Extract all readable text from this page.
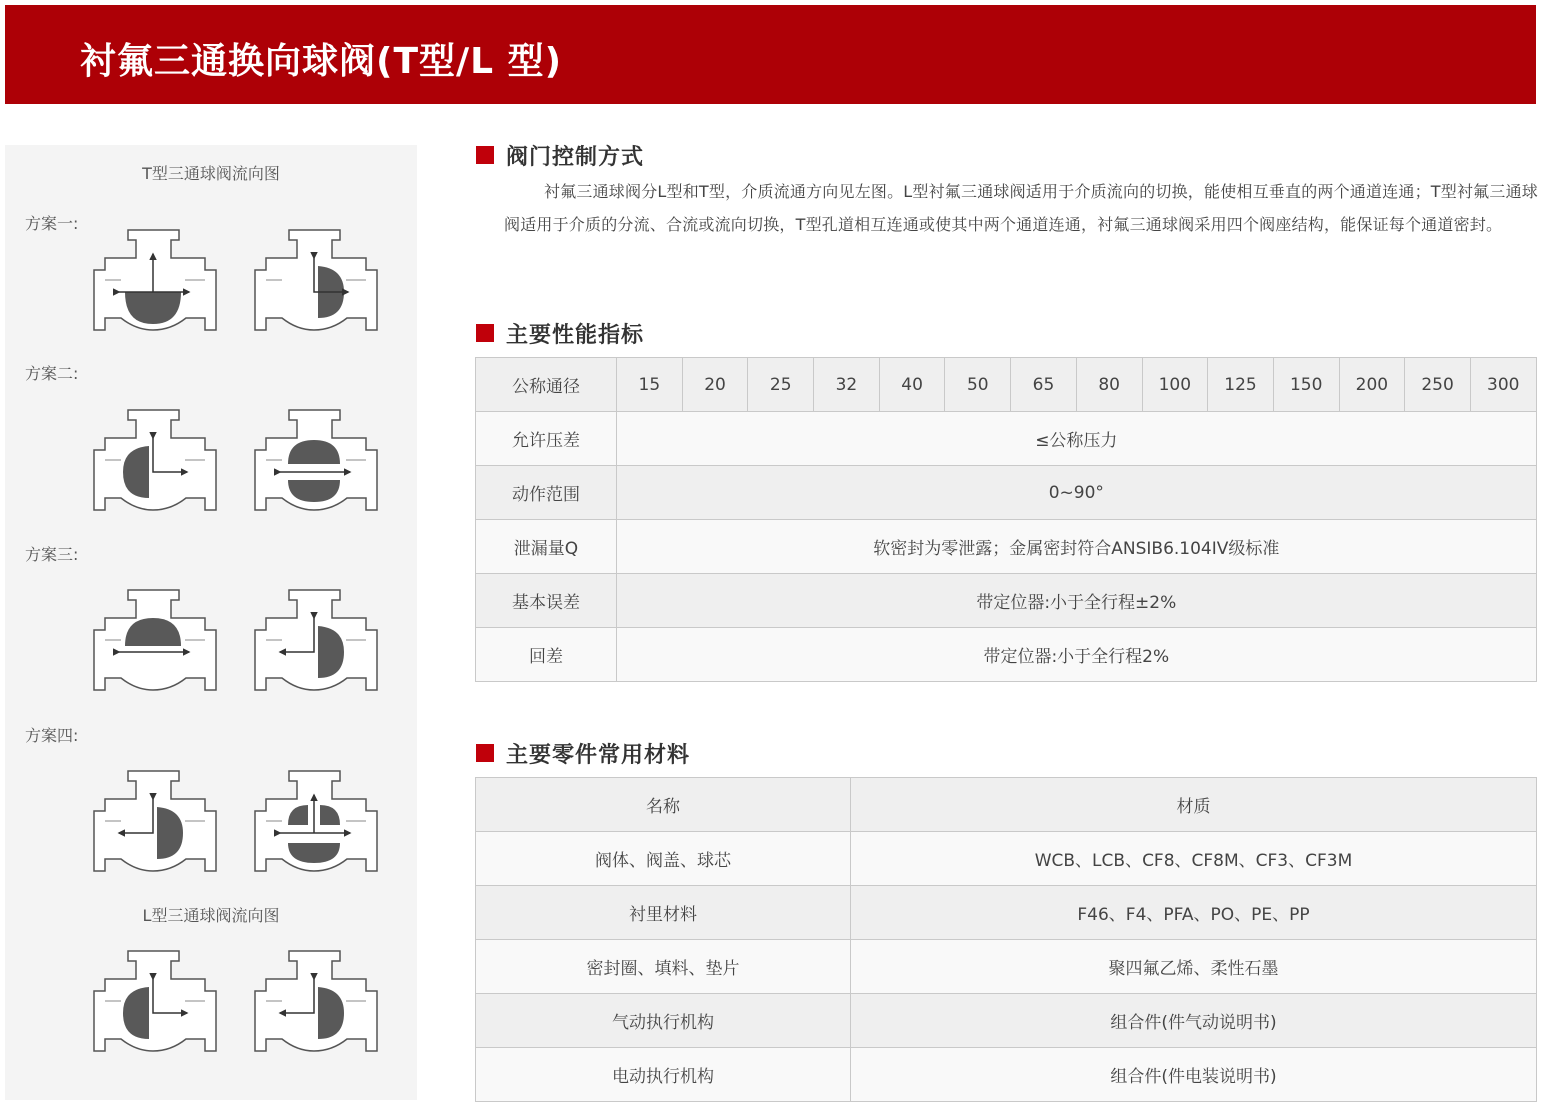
衬氟三通换向球阀(T型/L 型)
T型三通球阀流向图
方案一:
方案二:
方案三:
方案四:
L型三通球阀流向图
阀门控制方式
衬氟三通球阀分L型和T型，介质流通方向见左图。L型衬氟三通球阀适用于介质流向的切换，能使相互垂直的两个通道连通；T型衬氟三通球阀适用于介质的分流、合流或流向切换，T型孔道相互连通或使其中两个通道连通，衬氟三通球阀采用四个阀座结构，能保证每个通道密封。
主要性能指标
公称通径	15	20	25	32	40	50	65	80	100	125	150	200	250	300
允许压差	≤公称压力													
动作范围	0~90°													
泄漏量Q	软密封为零泄露；金属密封符合ANSIB6.104IV级标准													
基本误差	带定位器:小于全行程±2%													
回差	带定位器:小于全行程2%													
主要零件常用材料
名称	材质
阀体、阀盖、球芯	WCB、LCB、CF8、CF8M、CF3、CF3M
衬里材料	F46、F4、PFA、PO、PE、PP
密封圈、填料、垫片	聚四氟乙烯、柔性石墨
气动执行机构	组合件(件气动说明书)
电动执行机构	组合件(件电装说明书)
